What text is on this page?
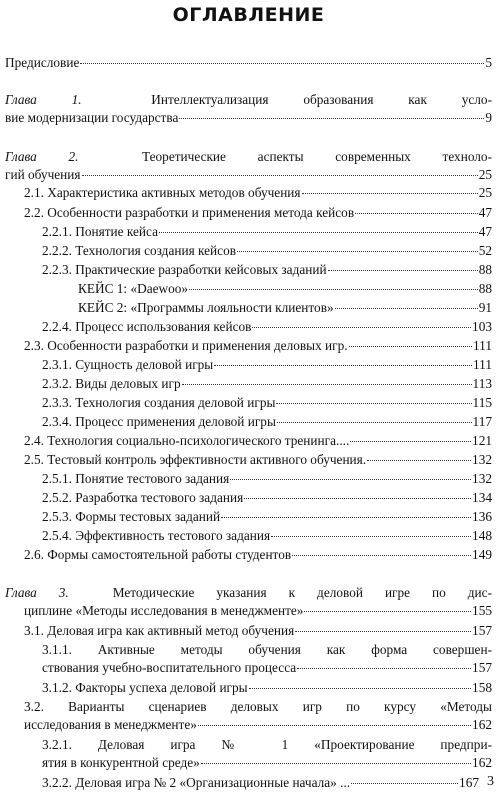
ОГЛАВЛЕНИЕ
Предисловие	5
Глава 1.	Интеллектуализация образования как усло-
вие модернизации государства	9
Глава 2.	Теоретические аспекты современных техноло-
гий обучения	25
2.1. Характеристика активных методов обучения	25
2.2. Особенности разработки и применения метода кейсов	47
2.2.1. Понятие кейса	47
2.2.2. Технология создания кейсов	52
2.2.3. Практические разработки кейсовых заданий	88
КЕЙС 1: «Daewoo»	88
КЕЙС 2: «Программы лояльности клиентов»	91
2.2.4. Процесс использования кейсов	103
2.3. Особенности разработки и применения деловых игр.	111
2.3.1. Сущность деловой игры	111
2.3.2. Виды деловых игр	113
2.3.3. Технология создания деловой игры	115
2.3.4. Процесс применения деловой игры	117
2.4. Технология социально-психологического тренинга....	121
2.5. Тестовый контроль эффективности активного обучения.	132
2.5.1. Понятие тестового задания	132
2.5.2. Разработка тестового задания	134
2.5.3. Формы тестовых заданий	136
2.5.4. Эффективность тестового задания	148
2.6. Формы самостоятельной работы студентов	149
Глава 3.	Методические указания к деловой игре по дис-
циплине «Методы исследования в менеджменте»	155
3.1. Деловая игра как активный метод обучения	157
3.1.1. Активные методы обучения как форма совершен-
ствования учебно-воспитательного процесса	157
3.1.2. Факторы успеха деловой игры	158
3.2. Варианты сценариев деловых игр по курсу «Методы
исследования в менеджменте»	162
3.2.1. Деловая игра № 1 «Проектирование предпри-
ятия в конкурентной среде»	162
3.2.2. Деловая игра № 2 «Организационные начала» ...	167 3
